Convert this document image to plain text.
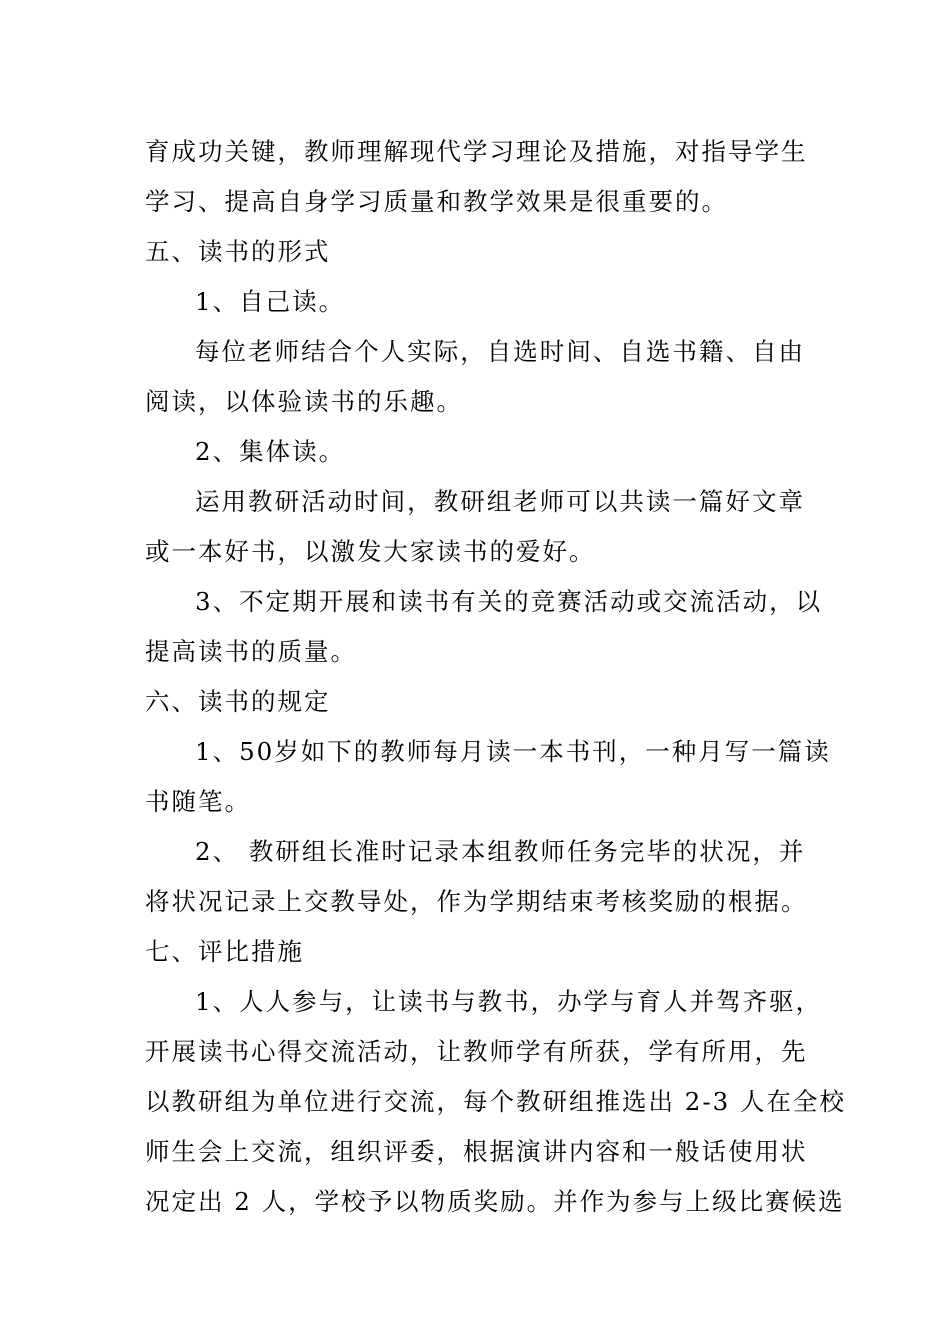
育成功关键，教师理解现代学习理论及措施，对指导学生
学习、提高自身学习质量和教学效果是很重要的。
五、读书的形式
1、自己读。
每位老师结合个人实际，自选时间、自选书籍、自由
阅读，以体验读书的乐趣。
2、集体读。
运用教研活动时间，教研组老师可以共读一篇好文章
或一本好书，以激发大家读书的爱好。
3、不定期开展和读书有关的竞赛活动或交流活动，以
提高读书的质量。
六、读书的规定
1、50岁如下的教师每月读一本书刊，一种月写一篇读
书随笔。
2、 教研组长准时记录本组教师任务完毕的状况，并
将状况记录上交教导处，作为学期结束考核奖励的根据。
七、评比措施
1、人人参与，让读书与教书，办学与育人并驾齐驱，
开展读书心得交流活动，让教师学有所获，学有所用，先
以教研组为单位进行交流，每个教研组推选出 2-3 人在全校
师生会上交流，组织评委，根据演讲内容和一般话使用状
况定出 2 人，学校予以物质奖励。并作为参与上级比赛候选
